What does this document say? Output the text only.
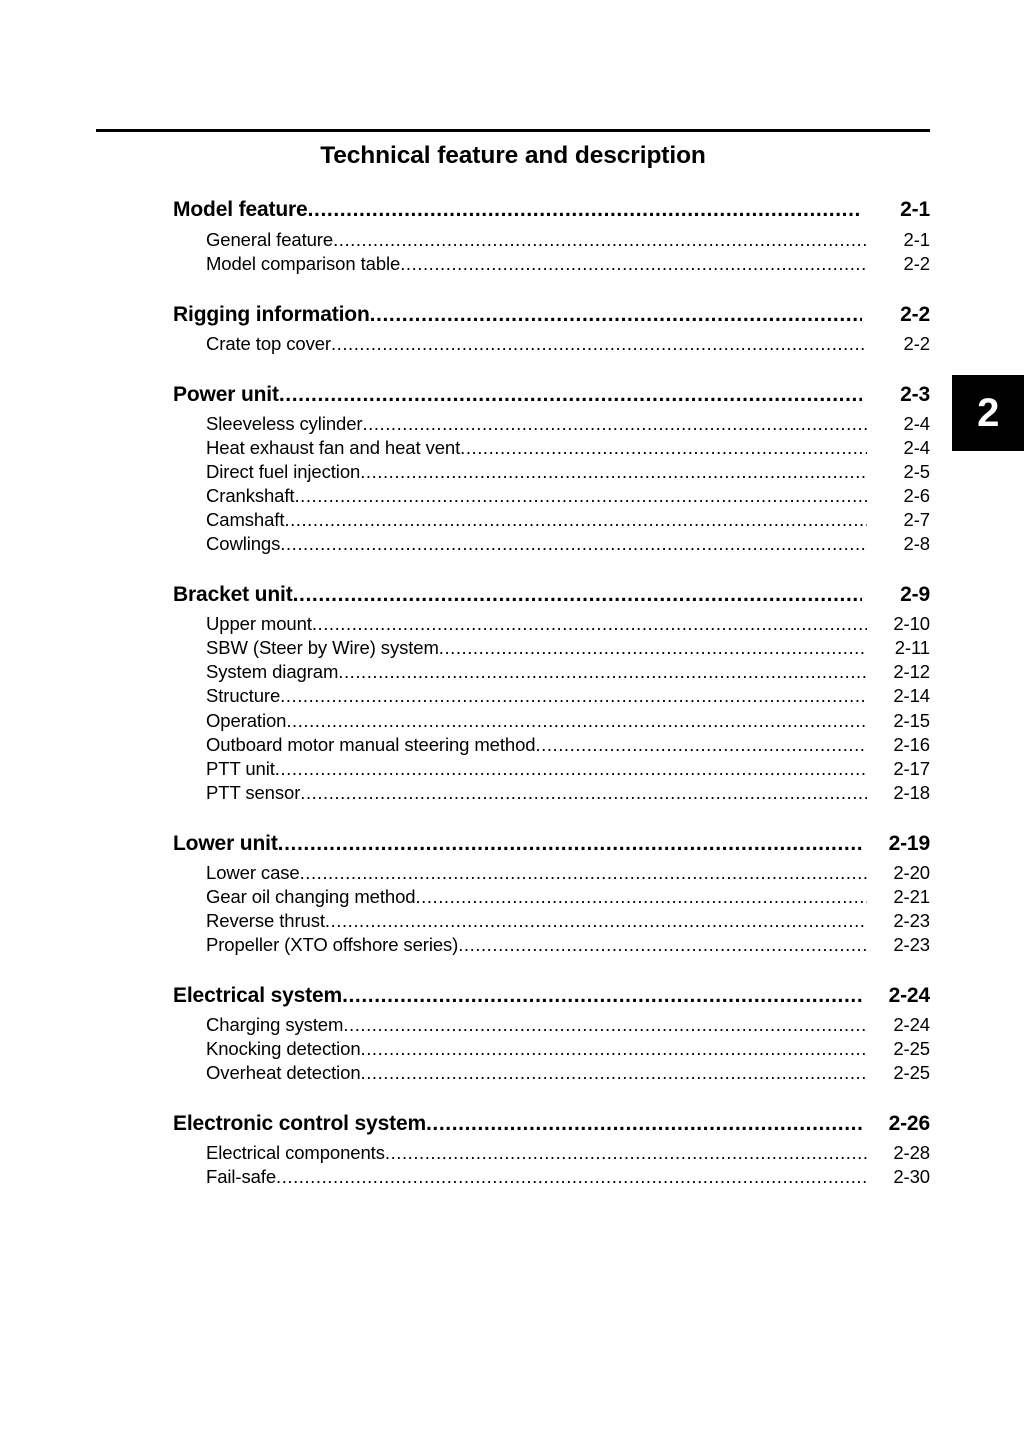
2
Technical feature and description
Model feature .....	2-1
General feature .....	2-1
Model comparison table .....	2-2
Rigging information .....	2-2
Crate top cover .....	2-2
Power unit .....	2-3
Sleeveless cylinder .....	2-4
Heat exhaust fan and heat vent .....	2-4
Direct fuel injection .....	2-5
Crankshaft .....	2-6
Camshaft .....	2-7
Cowlings .....	2-8
Bracket unit .....	2-9
Upper mount .....	2-10
SBW (Steer by Wire) system .....	2-11
System diagram .....	2-12
Structure .....	2-14
Operation .....	2-15
Outboard motor manual steering method .....	2-16
PTT unit .....	2-17
PTT sensor .....	2-18
Lower unit .....	2-19
Lower case .....	2-20
Gear oil changing method .....	2-21
Reverse thrust .....	2-23
Propeller (XTO offshore series) .....	2-23
Electrical system .....	2-24
Charging system .....	2-24
Knocking detection .....	2-25
Overheat detection .....	2-25
Electronic control system .....	2-26
Electrical components .....	2-28
Fail-safe .....	2-30
